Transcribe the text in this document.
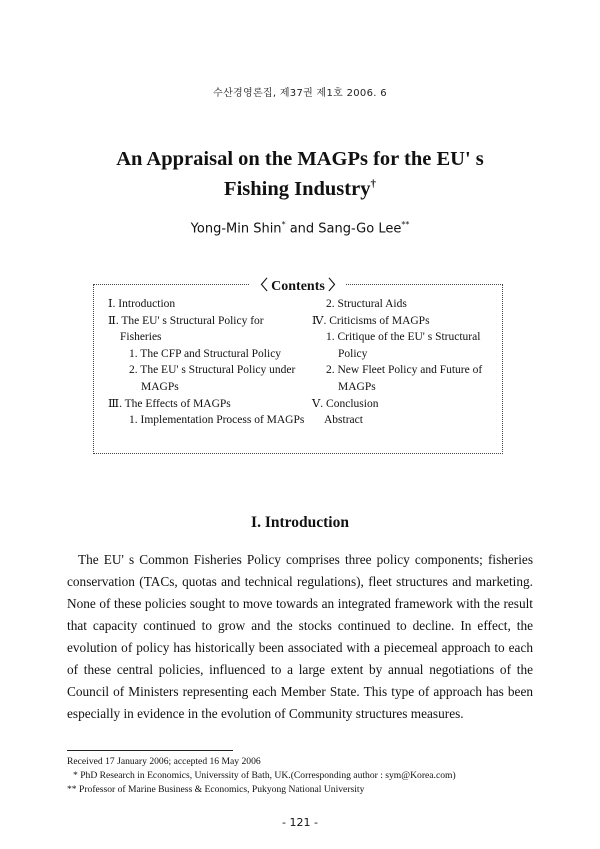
수산경영론집, 제37권 제1호 2006. 6
An Appraisal on the MAGPs for the EU' s
Fishing Industry†
Yong-Min Shin* and Sang-Go Lee**
〈 Contents 〉
Ⅰ. Introduction
Ⅱ. The EU' s Structural Policy for Fisheries
1. The CFP and Structural Policy
2. The EU' s Structural Policy under MAGPs
Ⅲ. The Effects of MAGPs
1. Implementation Process of MAGPs
2. Structural Aids
Ⅳ. Criticisms of MAGPs
1. Critique of the EU' s Structural Policy
2. New Fleet Policy and Future of MAGPs
Ⅴ. Conclusion
Abstract
I. Introduction

The EU' s Common Fisheries Policy comprises three policy components; fisheries conservation (TACs, quotas and technical regulations), fleet structures and marketing. None of these policies sought to move towards an integrated framework with the result that capacity continued to grow and the stocks continued to decline. In effect, the evolution of policy has historically been associated with a piecemeal approach to each of these central policies, influenced to a large extent by annual negotiations of the Council of Ministers representing each Member State. This type of approach has been especially in evidence in the evolution of Community structures measures.

Received 17 January 2006; accepted 16 May 2006
* PhD Research in Economics, Universsity of Bath, UK.(Corresponding author : sym@Korea.com)
** Professor of Marine Business & Economics, Pukyong National University
- 121 -
